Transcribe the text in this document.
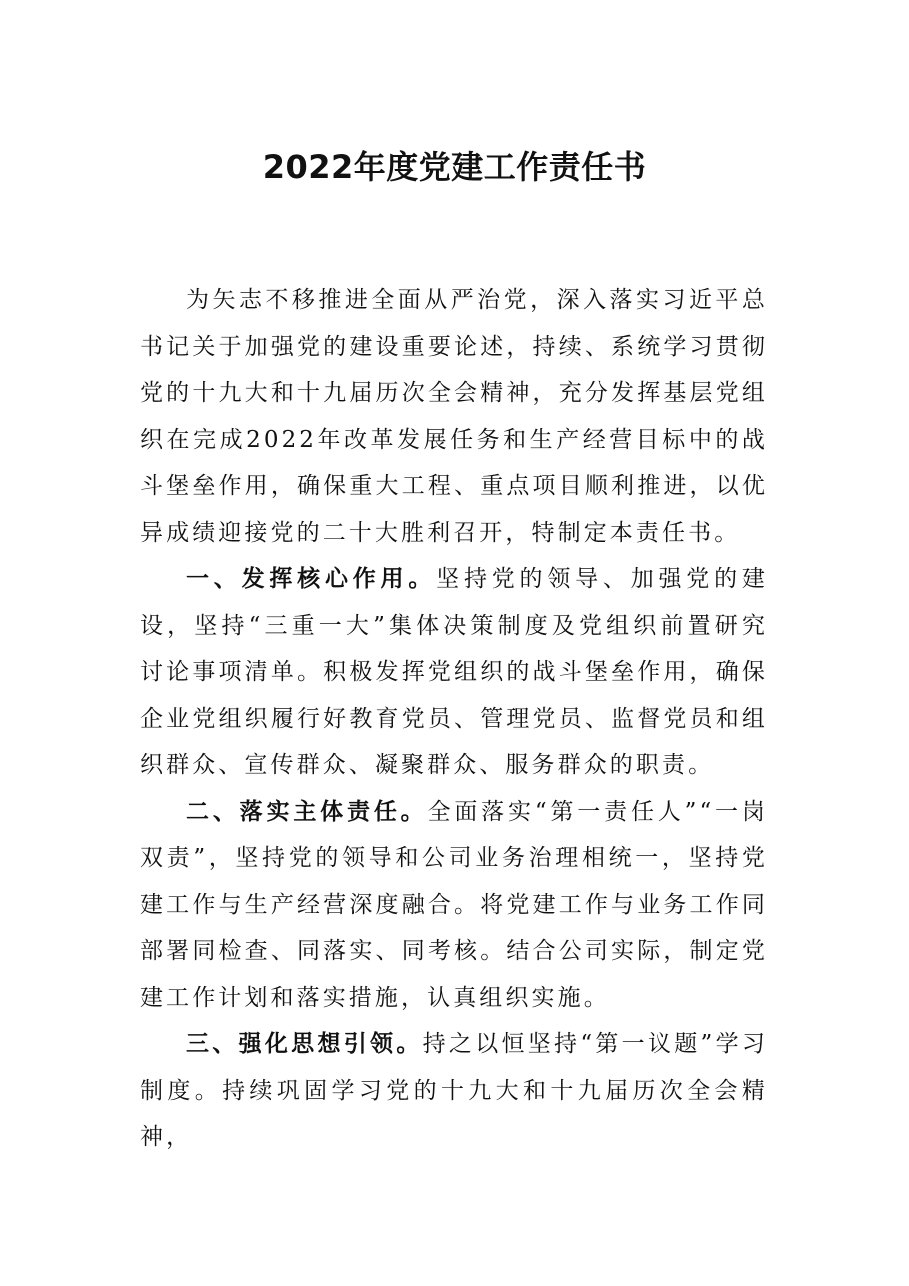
2022年度党建工作责任书

为矢志不移推进全面从严治党，深入落实习近平总书记关于加强党的建设重要论述，持续、系统学习贯彻党的十九大和十九届历次全会精神，充分发挥基层党组织在完成2022年改革发展任务和生产经营目标中的战斗堡垒作用，确保重大工程、重点项目顺利推进，以优异成绩迎接党的二十大胜利召开，特制定本责任书。

一、发挥核心作用。坚持党的领导、加强党的建设，坚持“三重一大”集体决策制度及党组织前置研究讨论事项清单。积极发挥党组织的战斗堡垒作用，确保企业党组织履行好教育党员、管理党员、监督党员和组织群众、宣传群众、凝聚群众、服务群众的职责。

二、落实主体责任。全面落实“第一责任人”“一岗双责”，坚持党的领导和公司业务治理相统一，坚持党建工作与生产经营深度融合。将党建工作与业务工作同部署同检查、同落实、同考核。结合公司实际，制定党建工作计划和落实措施，认真组织实施。

三、强化思想引领。持之以恒坚持“第一议题”学习制度。持续巩固学习党的十九大和十九届历次全会精神，
